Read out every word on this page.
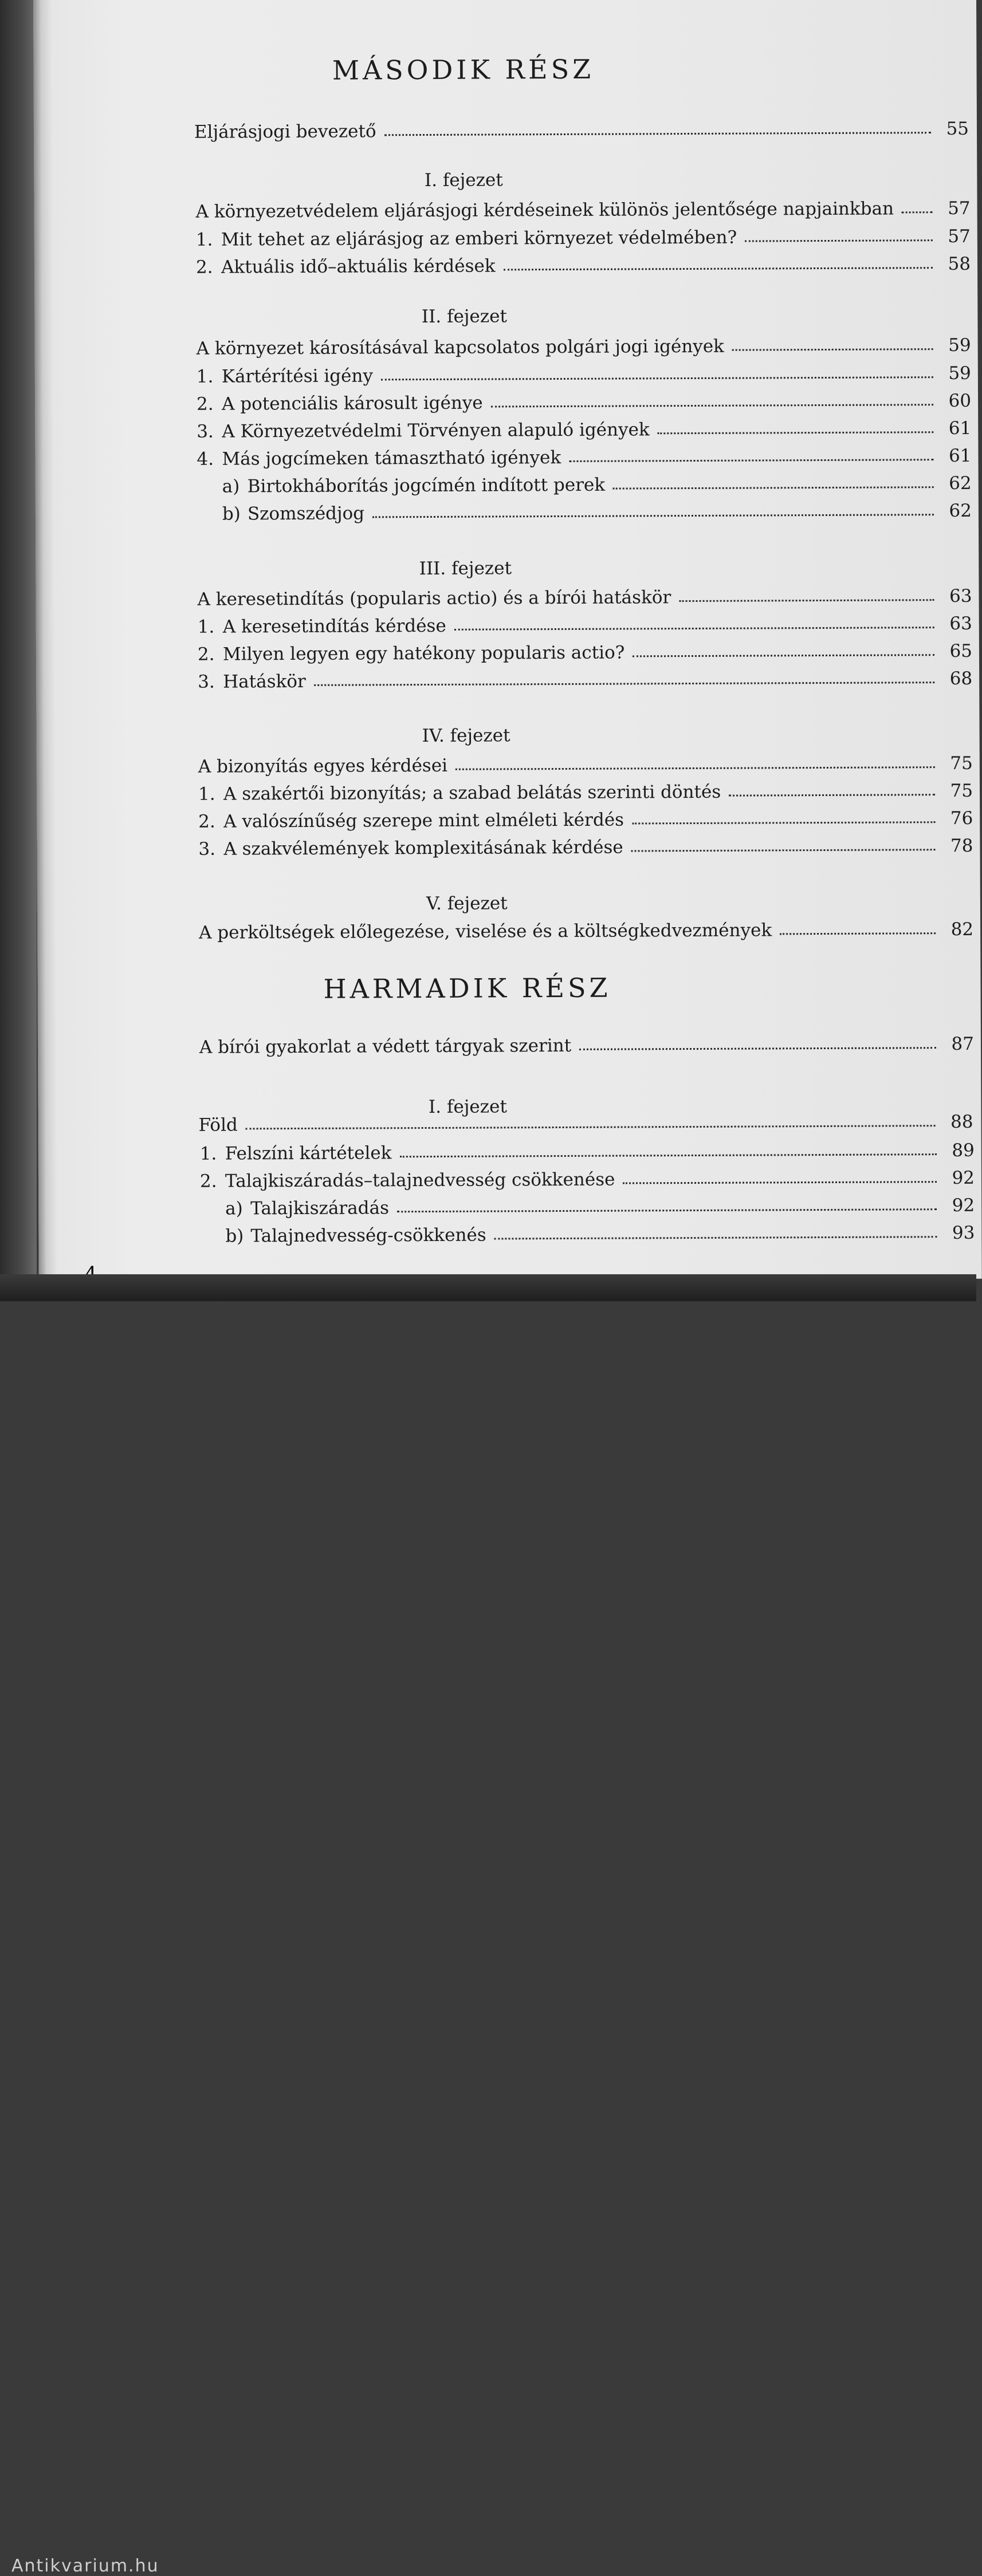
MÁSODIK RÉSZ
Eljárásjogi bevezető	55
I. fejezet
A környezetvédelem eljárásjogi kérdéseinek különös jelentősége napjainkban	57
1. Mit tehet az eljárásjog az emberi környezet védelmében?	57
2. Aktuális idő–aktuális kérdések	58
II. fejezet
A környezet károsításával kapcsolatos polgári jogi igények	59
1. Kártérítési igény	59
2. A potenciális károsult igénye	60
3. A Környezetvédelmi Törvényen alapuló igények	61
4. Más jogcímeken támasztható igények	61
a) Birtokháborítás jogcímén indított perek	62
b) Szomszédjog	62
III. fejezet
A keresetindítás (popularis actio) és a bírói hatáskör	63
1. A keresetindítás kérdése	63
2. Milyen legyen egy hatékony popularis actio?	65
3. Hatáskör	68
IV. fejezet
A bizonyítás egyes kérdései	75
1. A szakértői bizonyítás; a szabad belátás szerinti döntés	75
2. A valószínűség szerepe mint elméleti kérdés	76
3. A szakvélemények komplexitásának kérdése	78
V. fejezet
A perköltségek előlegezése, viselése és a költségkedvezmények	82
HARMADIK RÉSZ
A bírói gyakorlat a védett tárgyak szerint	87
I. fejezet
Föld	88
1. Felszíni kártételek	89
2. Talajkiszáradás–talajnedvesség csökkenése	92
a) Talajkiszáradás	92
b) Talajnedvesség-csökkenés	93
Antikvarium.hu
